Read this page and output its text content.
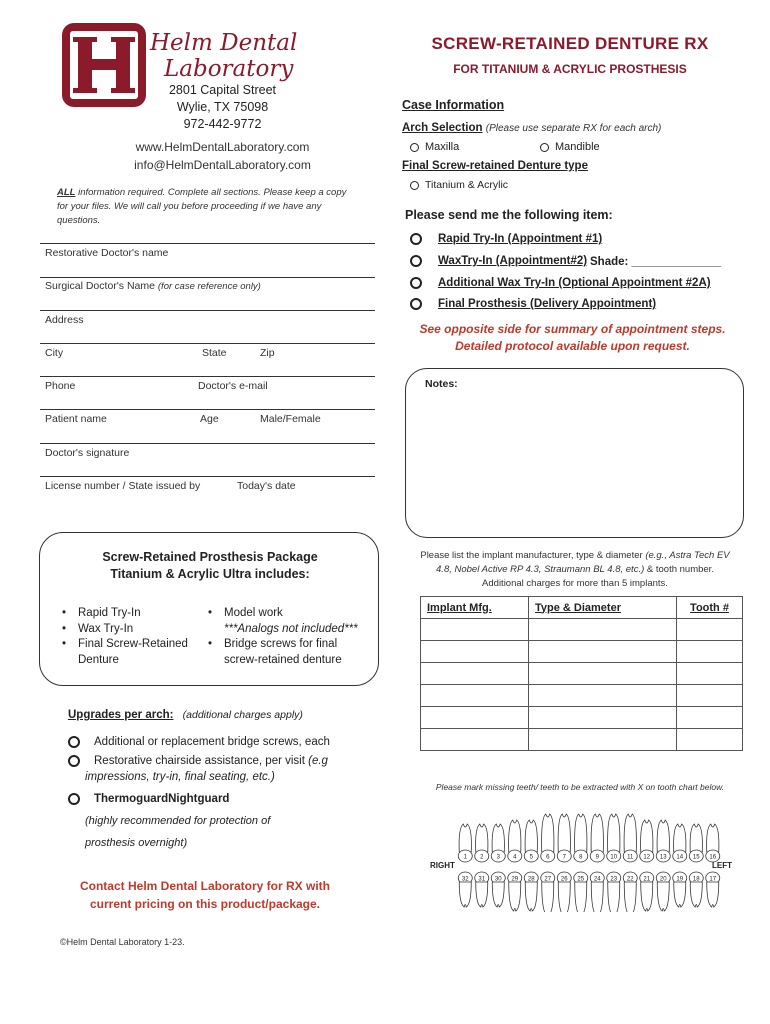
Helm Dental
Laboratory
2801 Capital Street
Wylie, TX 75098
972-442-9772
www.HelmDentalLaboratory.com
info@HelmDentalLaboratory.com
ALL information required. Complete all sections. Please keep a copy for your files. We will call you before proceeding if we have any questions.
SCREW-RETAINED DENTURE RX
FOR TITANIUM & ACRYLIC PROSTHESIS
Case Information
Arch Selection (Please use separate RX for each arch)
Maxilla	Mandible
Final Screw-retained Denture type
Titanium & Acrylic
Restorative Doctor's name
Surgical Doctor's Name (for case reference only)
Address
City	State	Zip
Phone	Doctor's e-mail
Patient name	Age	Male/Female
Doctor's signature
License number / State issued by	Today's date
Please send me the following item:
Rapid Try-In (Appointment #1)
WaxTry-In (Appointment#2) Shade: ______________
Additional Wax Try-In (Optional Appointment #2A)
Final Prosthesis (Delivery Appointment)
See opposite side for summary of appointment steps.
Detailed protocol available upon request.
Notes:
Screw-Retained Prosthesis Package
Titanium & Acrylic Ultra includes:
• Rapid Try-In
• Wax Try-In
• Final Screw-Retained
Denture
• Model work
***Analogs not included***
• Bridge screws for final
screw-retained denture
Upgrades per arch: (additional charges apply)
Additional or replacement bridge screws, each
Restorative chairside assistance, per visit (e.g
impressions, try-in, final seating, etc.)
ThermoguardNightguard
(highly recommended for protection of
prosthesis overnight)
Please list the implant manufacturer, type & diameter (e.g., Astra Tech EV 4.8, Nobel Active RP 4.3, Straumann BL 4.8, etc.) & tooth number. Additional charges for more than 5 implants.
Implant Mfg.	Type & Diameter	Tooth #

Please mark missing teeth/ teeth to be extracted with X on tooth chart below.
1 2 3 4 5 6 7 8 9 10 11 12 13 14 15 16
32 31 30 29 28 27 26 25 24 23 22 21 20 19 18 17
RIGHT	LEFT
Contact Helm Dental Laboratory for RX with
current pricing on this product/package.
©Helm Dental Laboratory 1-23.
